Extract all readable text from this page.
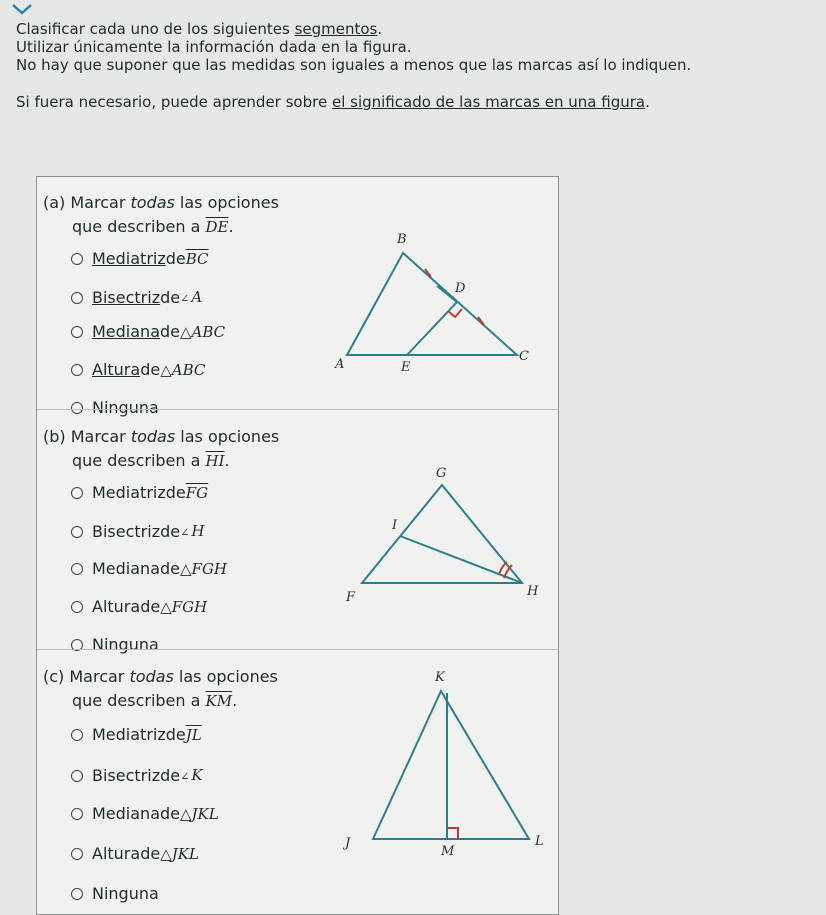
Clasificar cada uno de los siguientes segmentos.
Utilizar únicamente la información dada en la figura.
No hay que suponer que las medidas son iguales a menos que las marcas así lo indiquen.
Si fuera necesario, puede aprender sobre el significado de las marcas en una figura.
(a) Marcar todas las opciones
que describen a $\overline{DE}$.
Mediatriz de $\overline{BC}$
Bisectriz de ∠ A
Mediana de △ABC
Altura de △ABC
Ninguna
B
D
A	E
C
(b) Marcar todas las opciones
que describen a $\overline{HI}$.
Mediatriz de $\overline{FG}$
Bisectriz de ∠ H
Mediana de △FGH
Altura de △FGH
Ninguna
G
I
F	H
(c) Marcar todas las opciones
que describen a $\overline{KM}$.
Mediatriz de $\overline{JL}$
Bisectriz de ∠ K
Mediana de △JKL
Altura de △JKL
Ninguna
K
J
M
L
